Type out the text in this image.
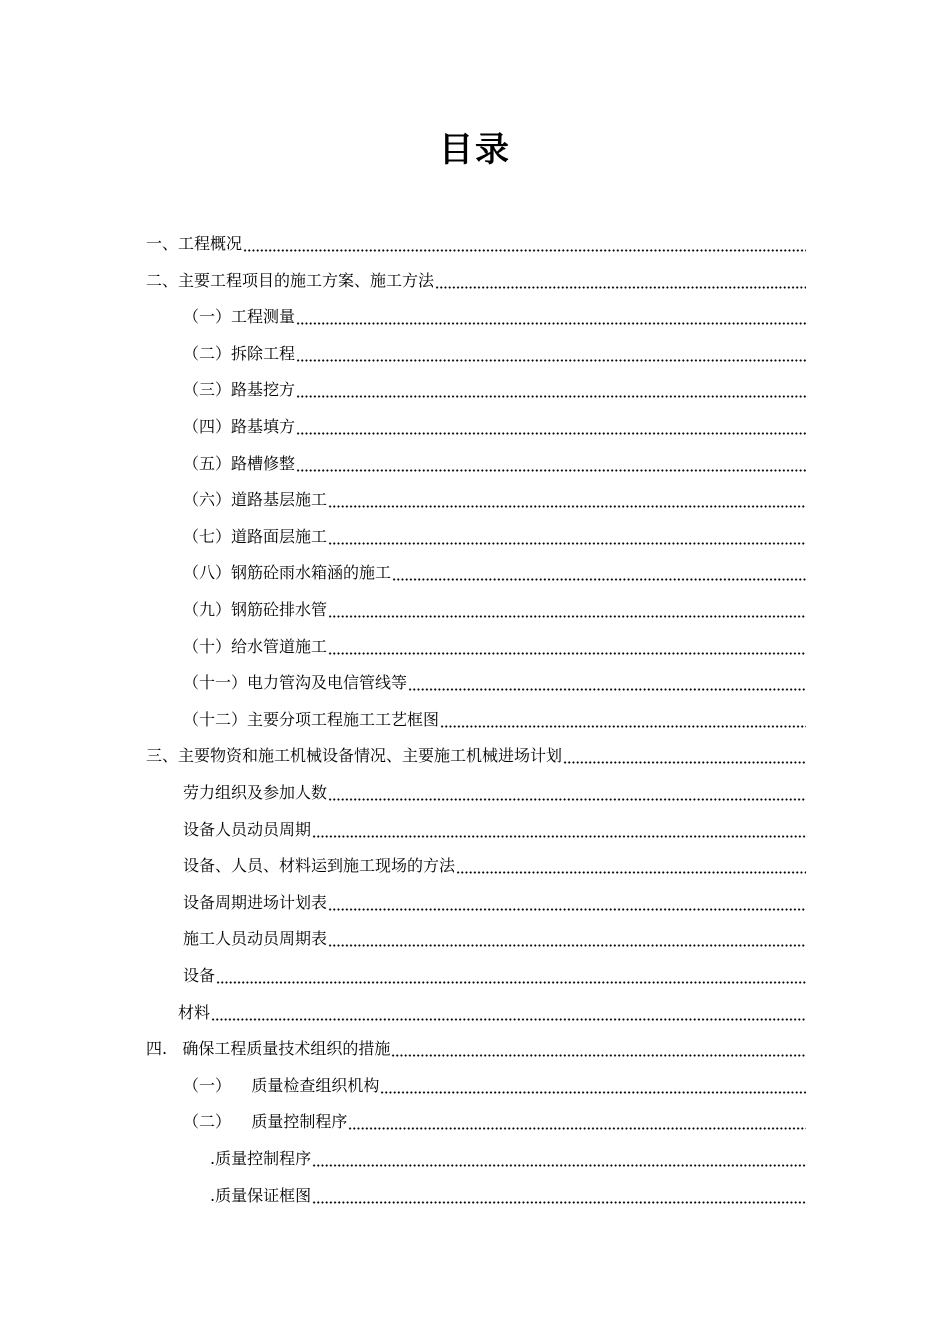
目录
一、工程概况
二、主要工程项目的施工方案、施工方法
（一）工程测量
（二）拆除工程
（三）路基挖方
（四）路基填方
（五）路槽修整
（六）道路基层施工
（七）道路面层施工
（八）钢筋砼雨水箱涵的施工
（九）钢筋砼排水管
（十）给水管道施工
（十一）电力管沟及电信管线等
（十二）主要分项工程施工工艺框图
三、主要物资和施工机械设备情况、主要施工机械进场计划
劳力组织及参加人数
设备人员动员周期
设备、人员、材料运到施工现场的方法
设备周期进场计划表
施工人员动员周期表
设备
材料
四.   确保工程质量技术组织的措施
（一）    质量检查组织机构
（二）    质量控制程序
.质量控制程序
.质量保证框图
